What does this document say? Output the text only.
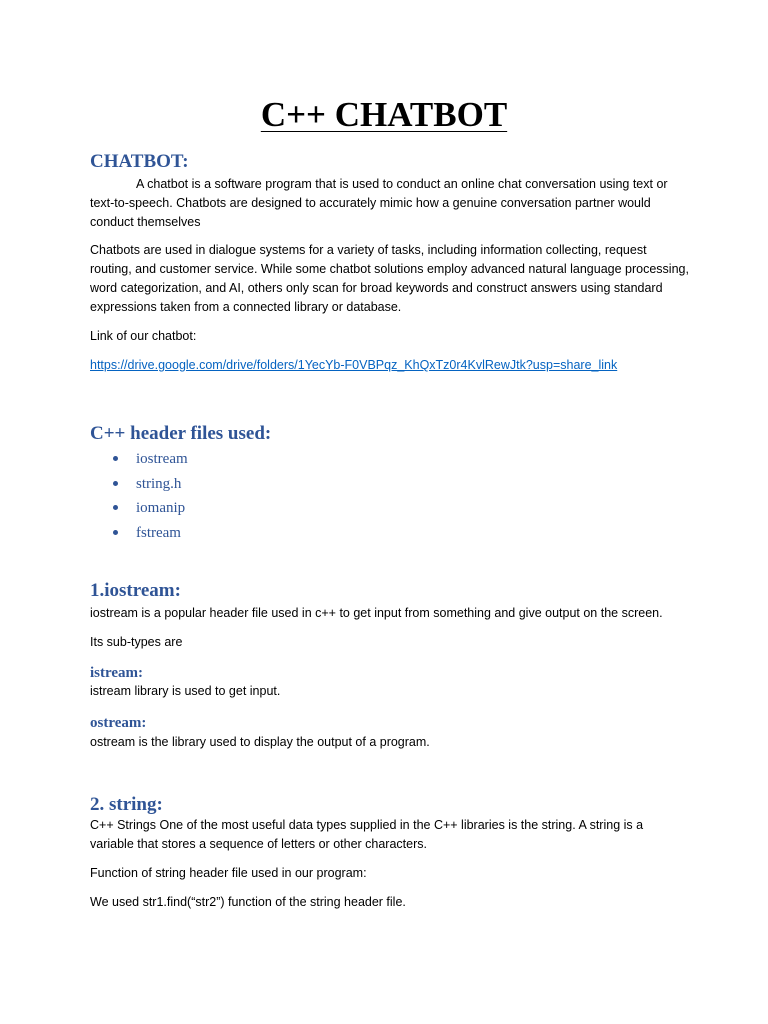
C++ CHATBOT
CHATBOT:

A chatbot is a software program that is used to conduct an online chat conversation using text or text-to-speech. Chatbots are designed to accurately mimic how a genuine conversation partner would conduct themselves

Chatbots are used in dialogue systems for a variety of tasks, including information collecting, request routing, and customer service. While some chatbot solutions employ advanced natural language processing, word categorization, and AI, others only scan for broad keywords and construct answers using standard expressions taken from a connected library or database.

Link of our chatbot:

https://drive.google.com/drive/folders/1YecYb-F0VBPqz_KhQxTz0r4KvlRewJtk?usp=share_link
C++ header files used:
iostream
string.h
iomanip
fstream
1.iostream:

iostream is a popular header file used in c++ to get input from something and give output on the screen.

Its sub-types are

istream:

istream library is used to get input.

ostream:

ostream is the library used to display the output of a program.

2. string:

C++ Strings One of the most useful data types supplied in the C++ libraries is the string. A string is a variable that stores a sequence of letters or other characters.

Function of string header file used in our program:

We used str1.find(“str2”) function of the string header file.
